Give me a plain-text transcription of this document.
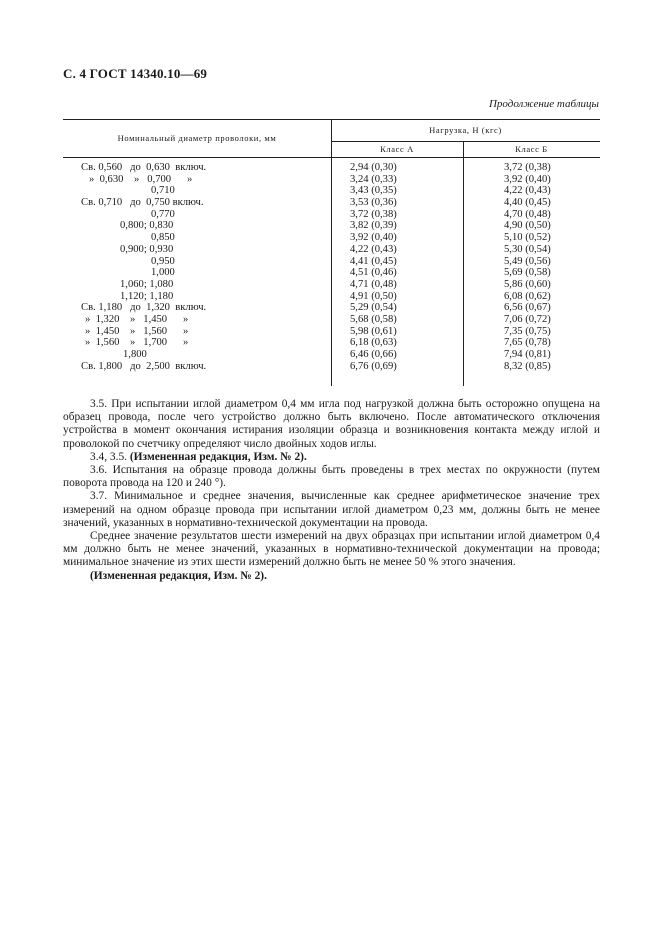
С. 4 ГОСТ 14340.10—69
Продолжение таблицы
Номинальный диаметр проволоки, мм
Нагрузка, Н (кгс)
Класс А	Класс Б
Св. 0,560   до  0,630  включ.	2,94 (0,30)	3,72 (0,38)
»  0,630    »   0,700      »	3,24 (0,33)	3,92 (0,40)
0,710	3,43 (0,35)	4,22 (0,43)
Св. 0,710   до  0,750 включ.	3,53 (0,36)	4,40 (0,45)
0,770	3,72 (0,38)	4,70 (0,48)
0,800; 0,830	3,82 (0,39)	4,90 (0,50)
0,850	3,92 (0,40)	5,10 (0,52)
0,900; 0,930	4,22 (0,43)	5,30 (0,54)
0,950	4,41 (0,45)	5,49 (0,56)
1,000	4,51 (0,46)	5,69 (0,58)
1,060; 1,080	4,71 (0,48)	5,86 (0,60)
1,120; 1,180	4,91 (0,50)	6,08 (0,62)
Св. 1,180   до  1,320  включ.	5,29 (0,54)	6,56 (0,67)
»  1,320    »   1,450      »	5,68 (0,58)	7,06 (0,72)
»  1,450    »   1,560      »	5,98 (0,61)	7,35 (0,75)
»  1,560    »   1,700      »	6,18 (0,63)	7,65 (0,78)
1,800	6,46 (0,66)	7,94 (0,81)
Св. 1,800   до  2,500  включ.	6,76 (0,69)	8,32 (0,85)

3.5. При испытании иглой диаметром 0,4 мм игла под нагрузкой должна быть осторожно опущена на образец провода, после чего устройство должно быть включено. После автоматического отключения устройства в момент окончания истирания изоляции образца и возникновения контакта между иглой и проволокой по счетчику определяют число двойных ходов иглы.

3.4, 3.5. (Измененная редакция, Изм. № 2).

3.6. Испытания на образце провода должны быть проведены в трех местах по окружности (путем поворота провода на 120 и 240 °).

3.7. Минимальное и среднее значения, вычисленные как среднее арифметическое значение трех измерений на одном образце провода при испытании иглой диаметром 0,23 мм, должны быть не менее значений, указанных в нормативно-технической документации на провода.

Среднее значение результатов шести измерений на двух образцах при испытании иглой диаметром 0,4 мм должно быть не менее значений, указанных в нормативно-технической документации на провода; минимальное значение из этих шести измерений должно быть не менее 50 % этого значения.

(Измененная редакция, Изм. № 2).
